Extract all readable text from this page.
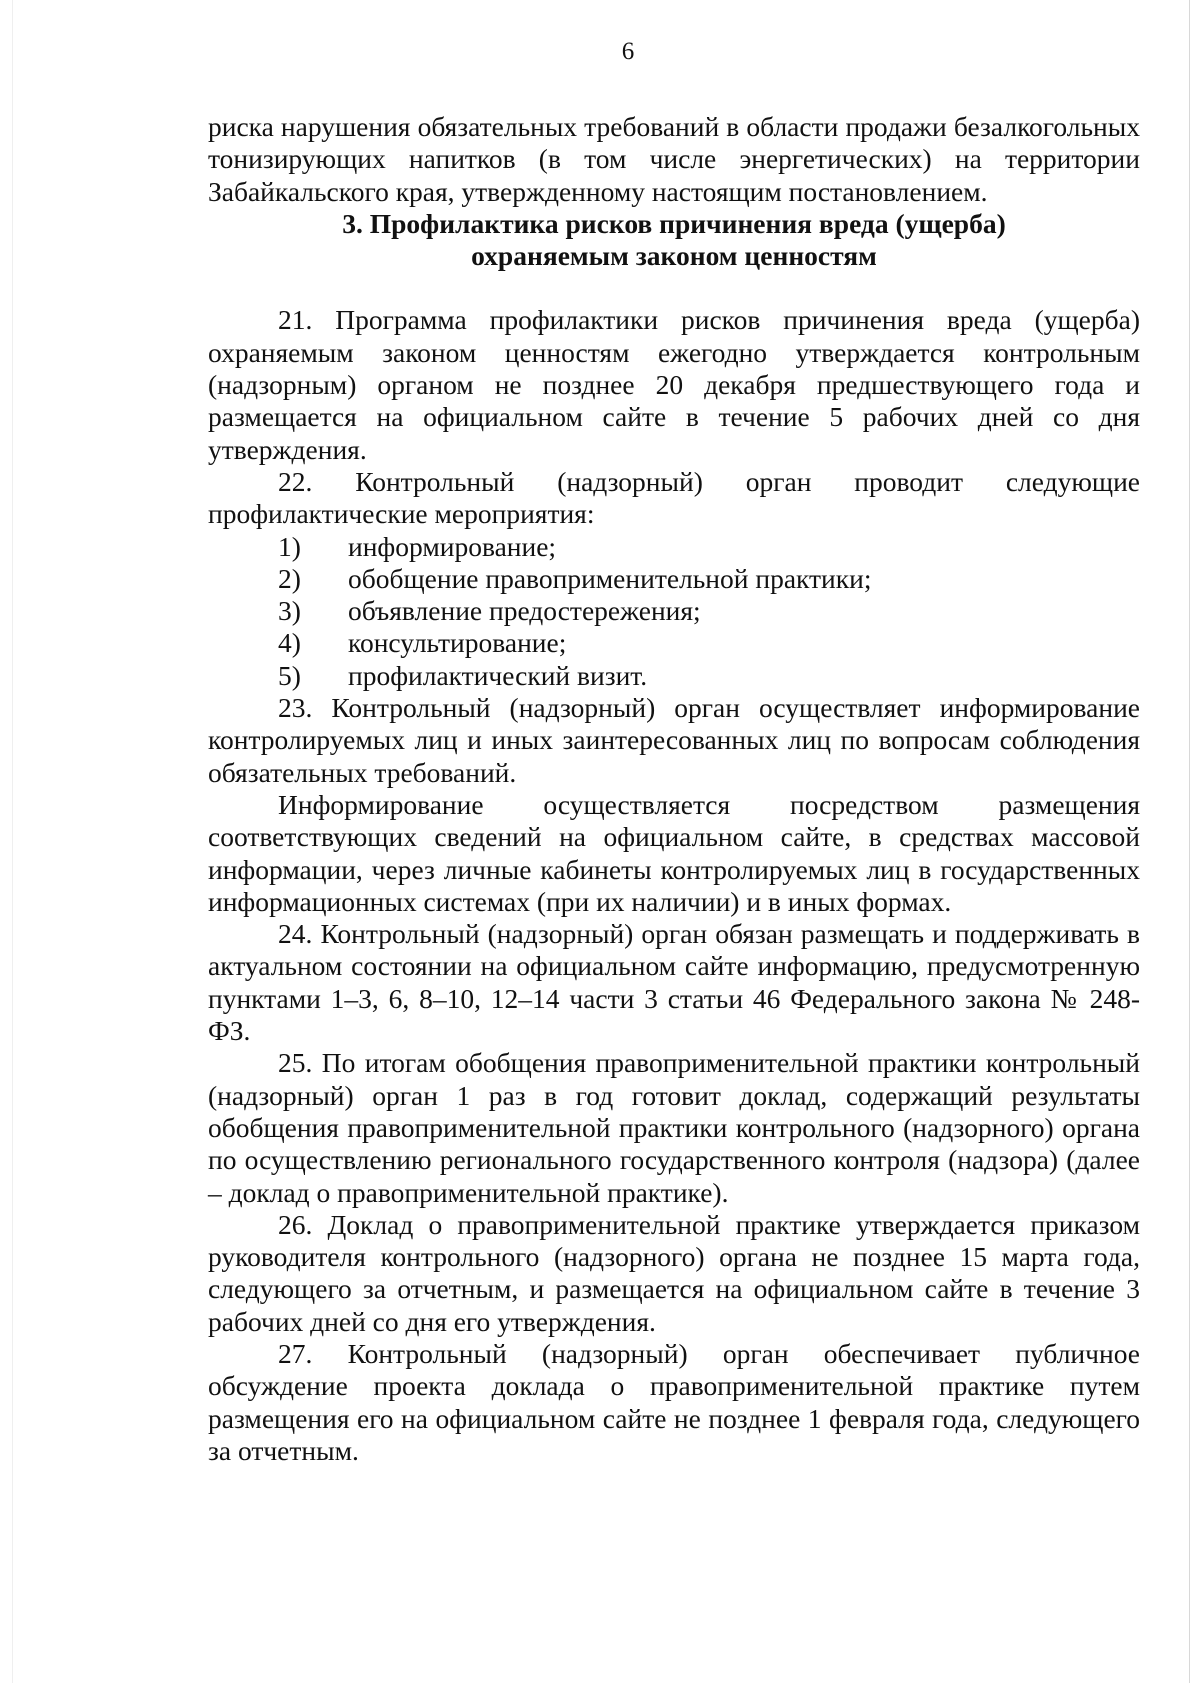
6

риска нарушения обязательных требований в области продажи безалкогольных тонизирующих напитков (в том числе энергетических) на территории Забайкальского края, утвержденному настоящим постановлением.

3. Профилактика рисков причинения вреда (ущерба)

охраняемым законом ценностям

21. Программа профилактики рисков причинения вреда (ущерба) охраняемым законом ценностям ежегодно утверждается контрольным (надзорным) органом не позднее 20 декабря предшествующего года и размещается на официальном сайте в течение 5 рабочих дней со дня утверждения.

22. Контрольный (надзорный) орган проводит следующие профилактические мероприятия:

1)	информирование;
2)	обобщение правоприменительной практики;
3)	объявление предостережения;
4)	консультирование;
5)	профилактический визит.

23. Контрольный (надзорный) орган осуществляет информирование контролируемых лиц и иных заинтересованных лиц по вопросам соблюдения обязательных требований.

Информирование осуществляется посредством размещения соответствующих сведений на официальном сайте, в средствах массовой информации, через личные кабинеты контролируемых лиц в государственных информационных системах (при их наличии) и в иных формах.

24. Контрольный (надзорный) орган обязан размещать и поддерживать в актуальном состоянии на официальном сайте информацию, предусмотренную пунктами 1–3, 6, 8–10, 12–14 части 3 статьи 46 Федерального закона № 248-ФЗ.

25. По итогам обобщения правоприменительной практики контрольный (надзорный) орган 1 раз в год готовит доклад, содержащий результаты обобщения правоприменительной практики контрольного (надзорного) органа по осуществлению регионального государственного контроля (надзора) (далее – доклад о правоприменительной практике).

26. Доклад о правоприменительной практике утверждается приказом руководителя контрольного (надзорного) органа не позднее 15 марта года, следующего за отчетным, и размещается на официальном сайте в течение 3 рабочих дней со дня его утверждения.

27. Контрольный (надзорный) орган обеспечивает публичное обсуждение проекта доклада о правоприменительной практике путем размещения его на официальном сайте не позднее 1 февраля года, следующего за отчетным.
